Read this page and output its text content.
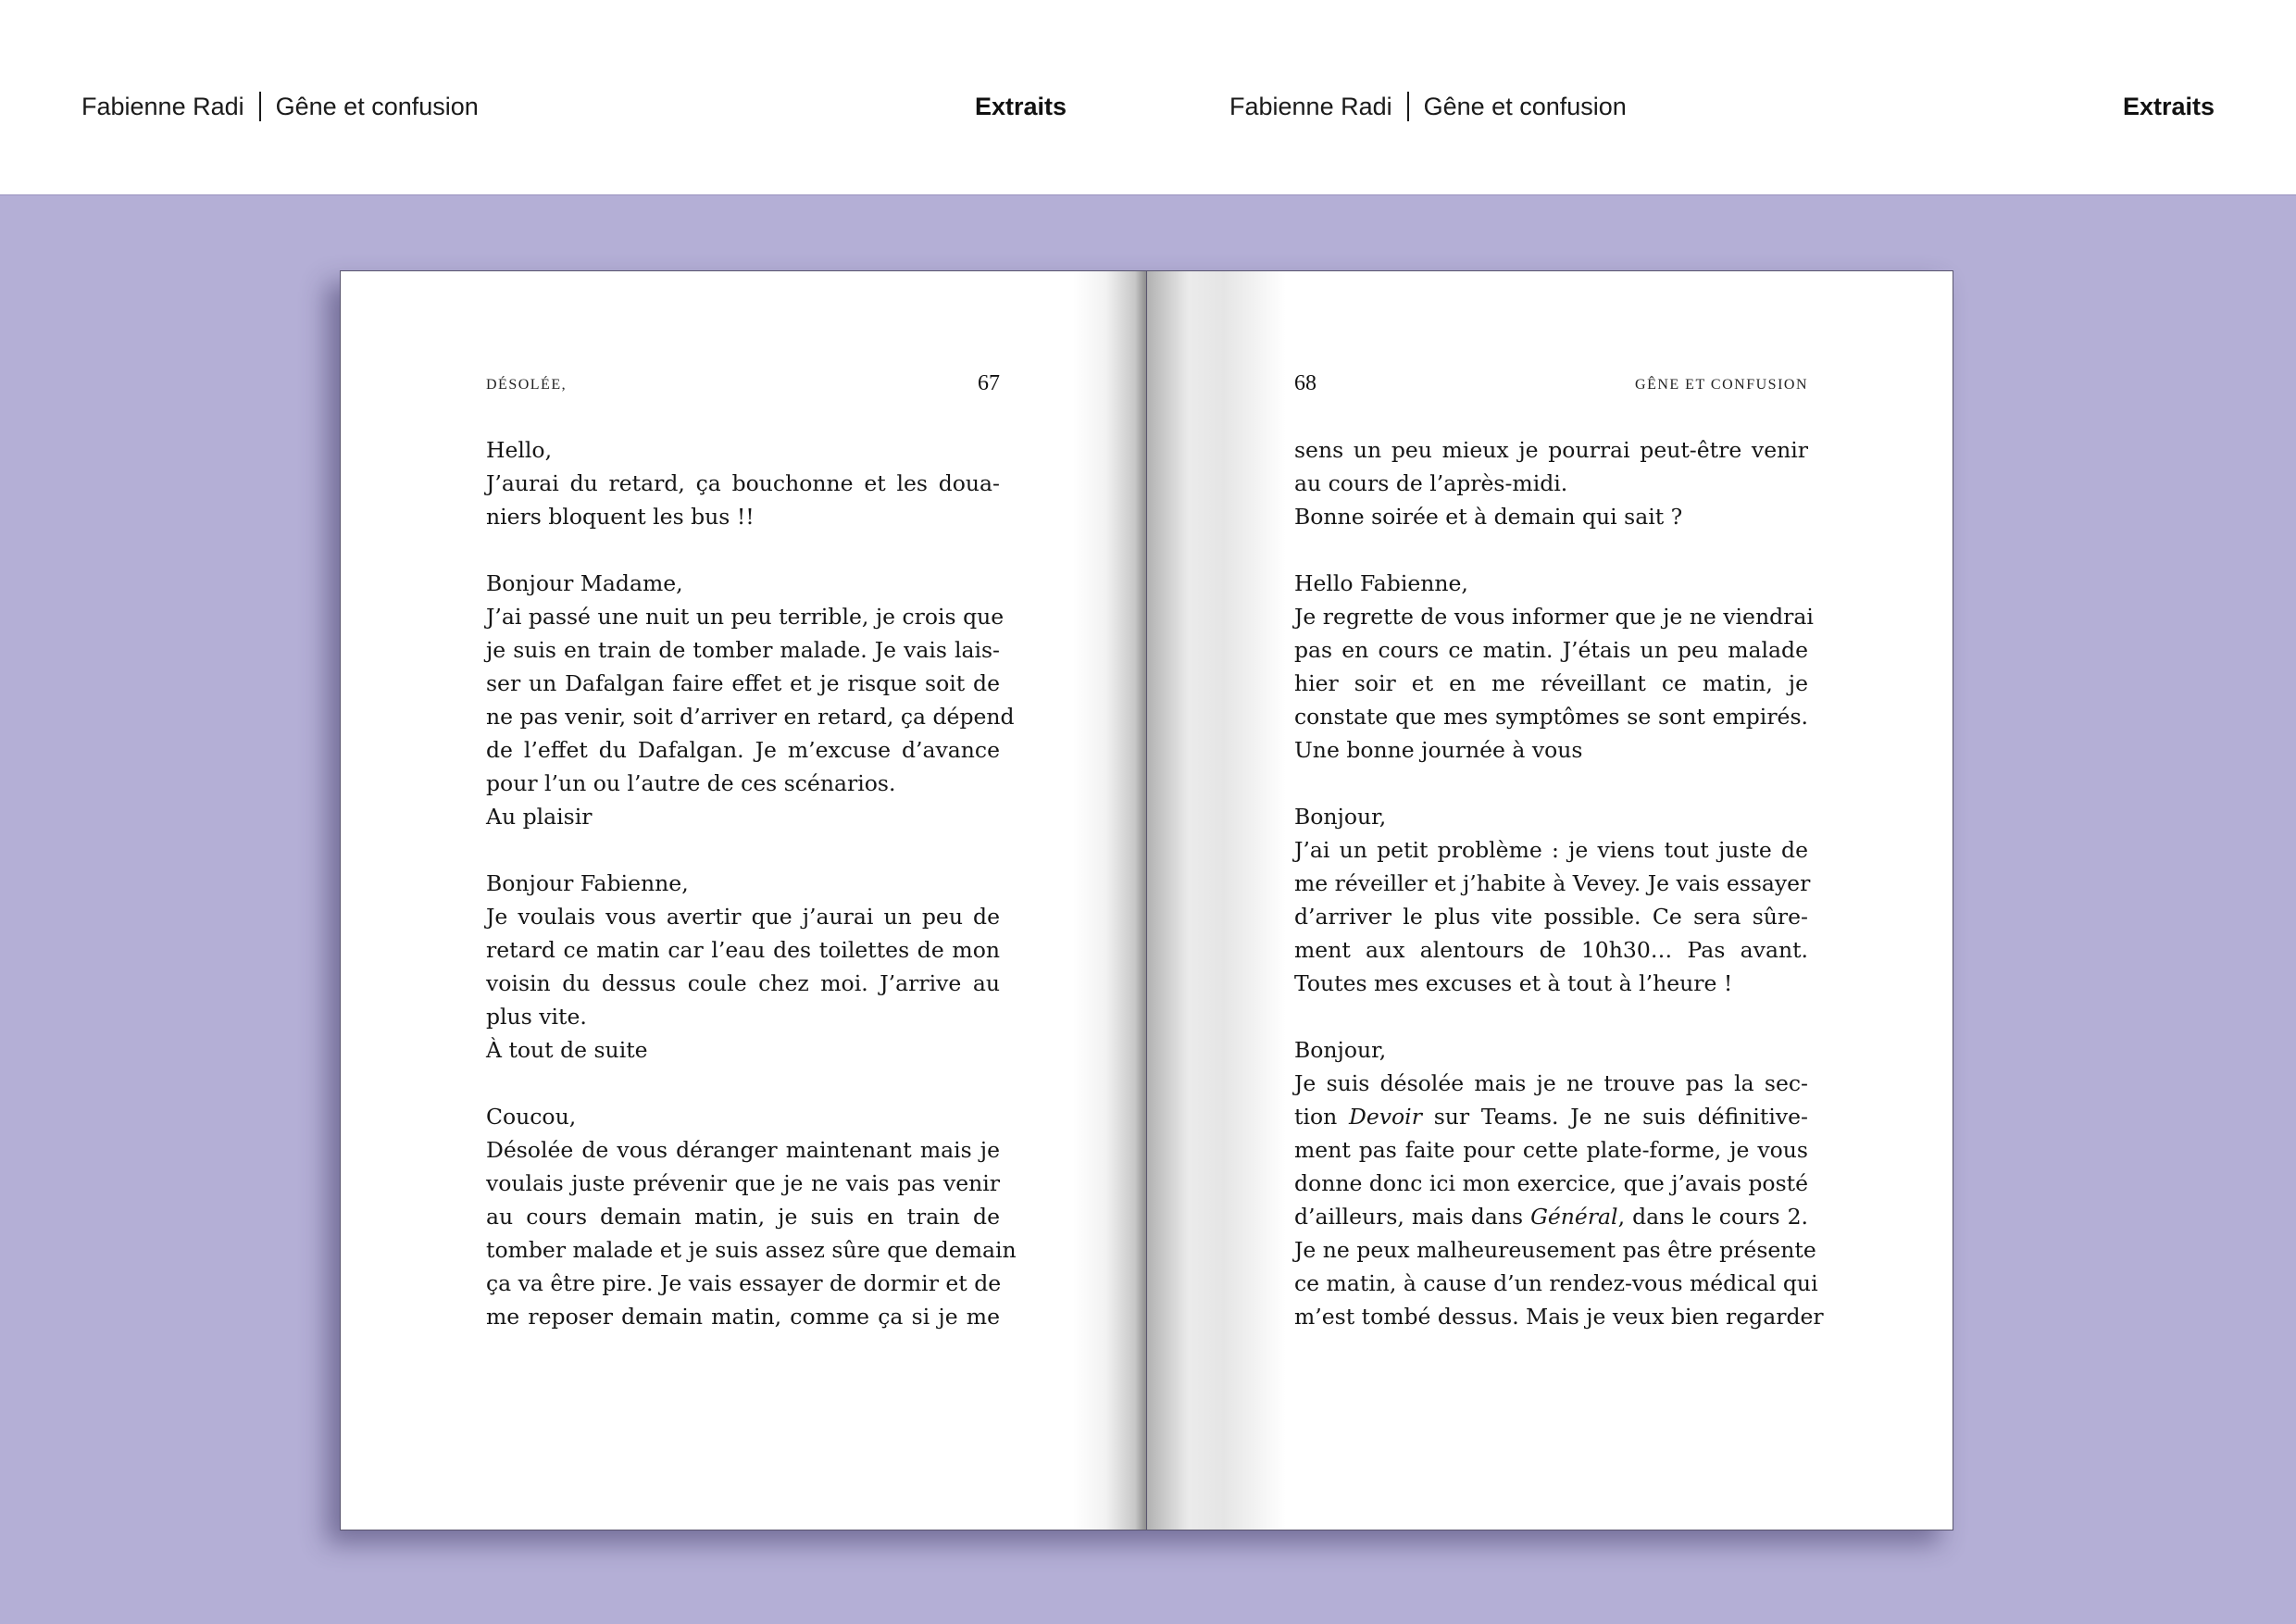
Fabienne Radi Gêne et confusion	Extraits	Fabienne Radi Gêne et confusion	Extraits
DÉSOLÉE,	67
Hello,
J’aurai du retard, ça bouchonne et les doua-
niers bloquent les bus !!
Bonjour Madame,
J’ai passé une nuit un peu terrible, je crois que
je suis en train de tomber malade. Je vais lais-
ser un Dafalgan faire effet et je risque soit de
ne pas venir, soit d’arriver en retard, ça dépend
de l’effet du Dafalgan. Je m’excuse d’avance
pour l’un ou l’autre de ces scénarios.
Au plaisir
Bonjour Fabienne,
Je voulais vous avertir que j’aurai un peu de
retard ce matin car l’eau des toilettes de mon
voisin du dessus coule chez moi. J’arrive au
plus vite.
À tout de suite
Coucou,
Désolée de vous déranger maintenant mais je
voulais juste prévenir que je ne vais pas venir
au cours demain matin, je suis en train de
tomber malade et je suis assez sûre que demain
ça va être pire. Je vais essayer de dormir et de
me reposer demain matin, comme ça si je me
68	GÊNE ET CONFUSION
sens un peu mieux je pourrai peut-être venir
au cours de l’après-midi.
Bonne soirée et à demain qui sait ?
Hello Fabienne,
Je regrette de vous informer que je ne viendrai
pas en cours ce matin. J’étais un peu malade
hier soir et en me réveillant ce matin, je
constate que mes symptômes se sont empirés.
Une bonne journée à vous
Bonjour,
J’ai un petit problème : je viens tout juste de
me réveiller et j’habite à Vevey. Je vais essayer
d’arriver le plus vite possible. Ce sera sûre-
ment aux alentours de 10h30… Pas avant.
Toutes mes excuses et à tout à l’heure !
Bonjour,
Je suis désolée mais je ne trouve pas la sec-
tion Devoir sur Teams. Je ne suis définitive-
ment pas faite pour cette plate-forme, je vous
donne donc ici mon exercice, que j’avais posté
d’ailleurs, mais dans Général, dans le cours 2.
Je ne peux malheureusement pas être présente
ce matin, à cause d’un rendez-vous médical qui
m’est tombé dessus. Mais je veux bien regarder
